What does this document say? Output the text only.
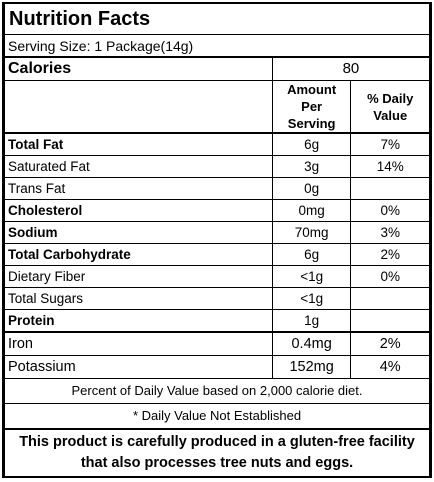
Nutrition Facts		
Serving Size: 1 Package(14g)		
Calories	80	
	Amount Per Serving	% Daily Value
Total Fat	6g	7%
Saturated Fat	3g	14%
Trans Fat	0g	
Cholesterol	0mg	0%
Sodium	70mg	3%
Total Carbohydrate	6g	2%
Dietary Fiber	<1g	0%
Total Sugars	<1g	
Protein	1g	
Iron	0.4mg	2%
Potassium	152mg	4%
Percent of Daily Value based on 2,000 calorie diet.		
* Daily Value Not Established		
This product is carefully produced in a gluten-free facility that also processes tree nuts and eggs.		
